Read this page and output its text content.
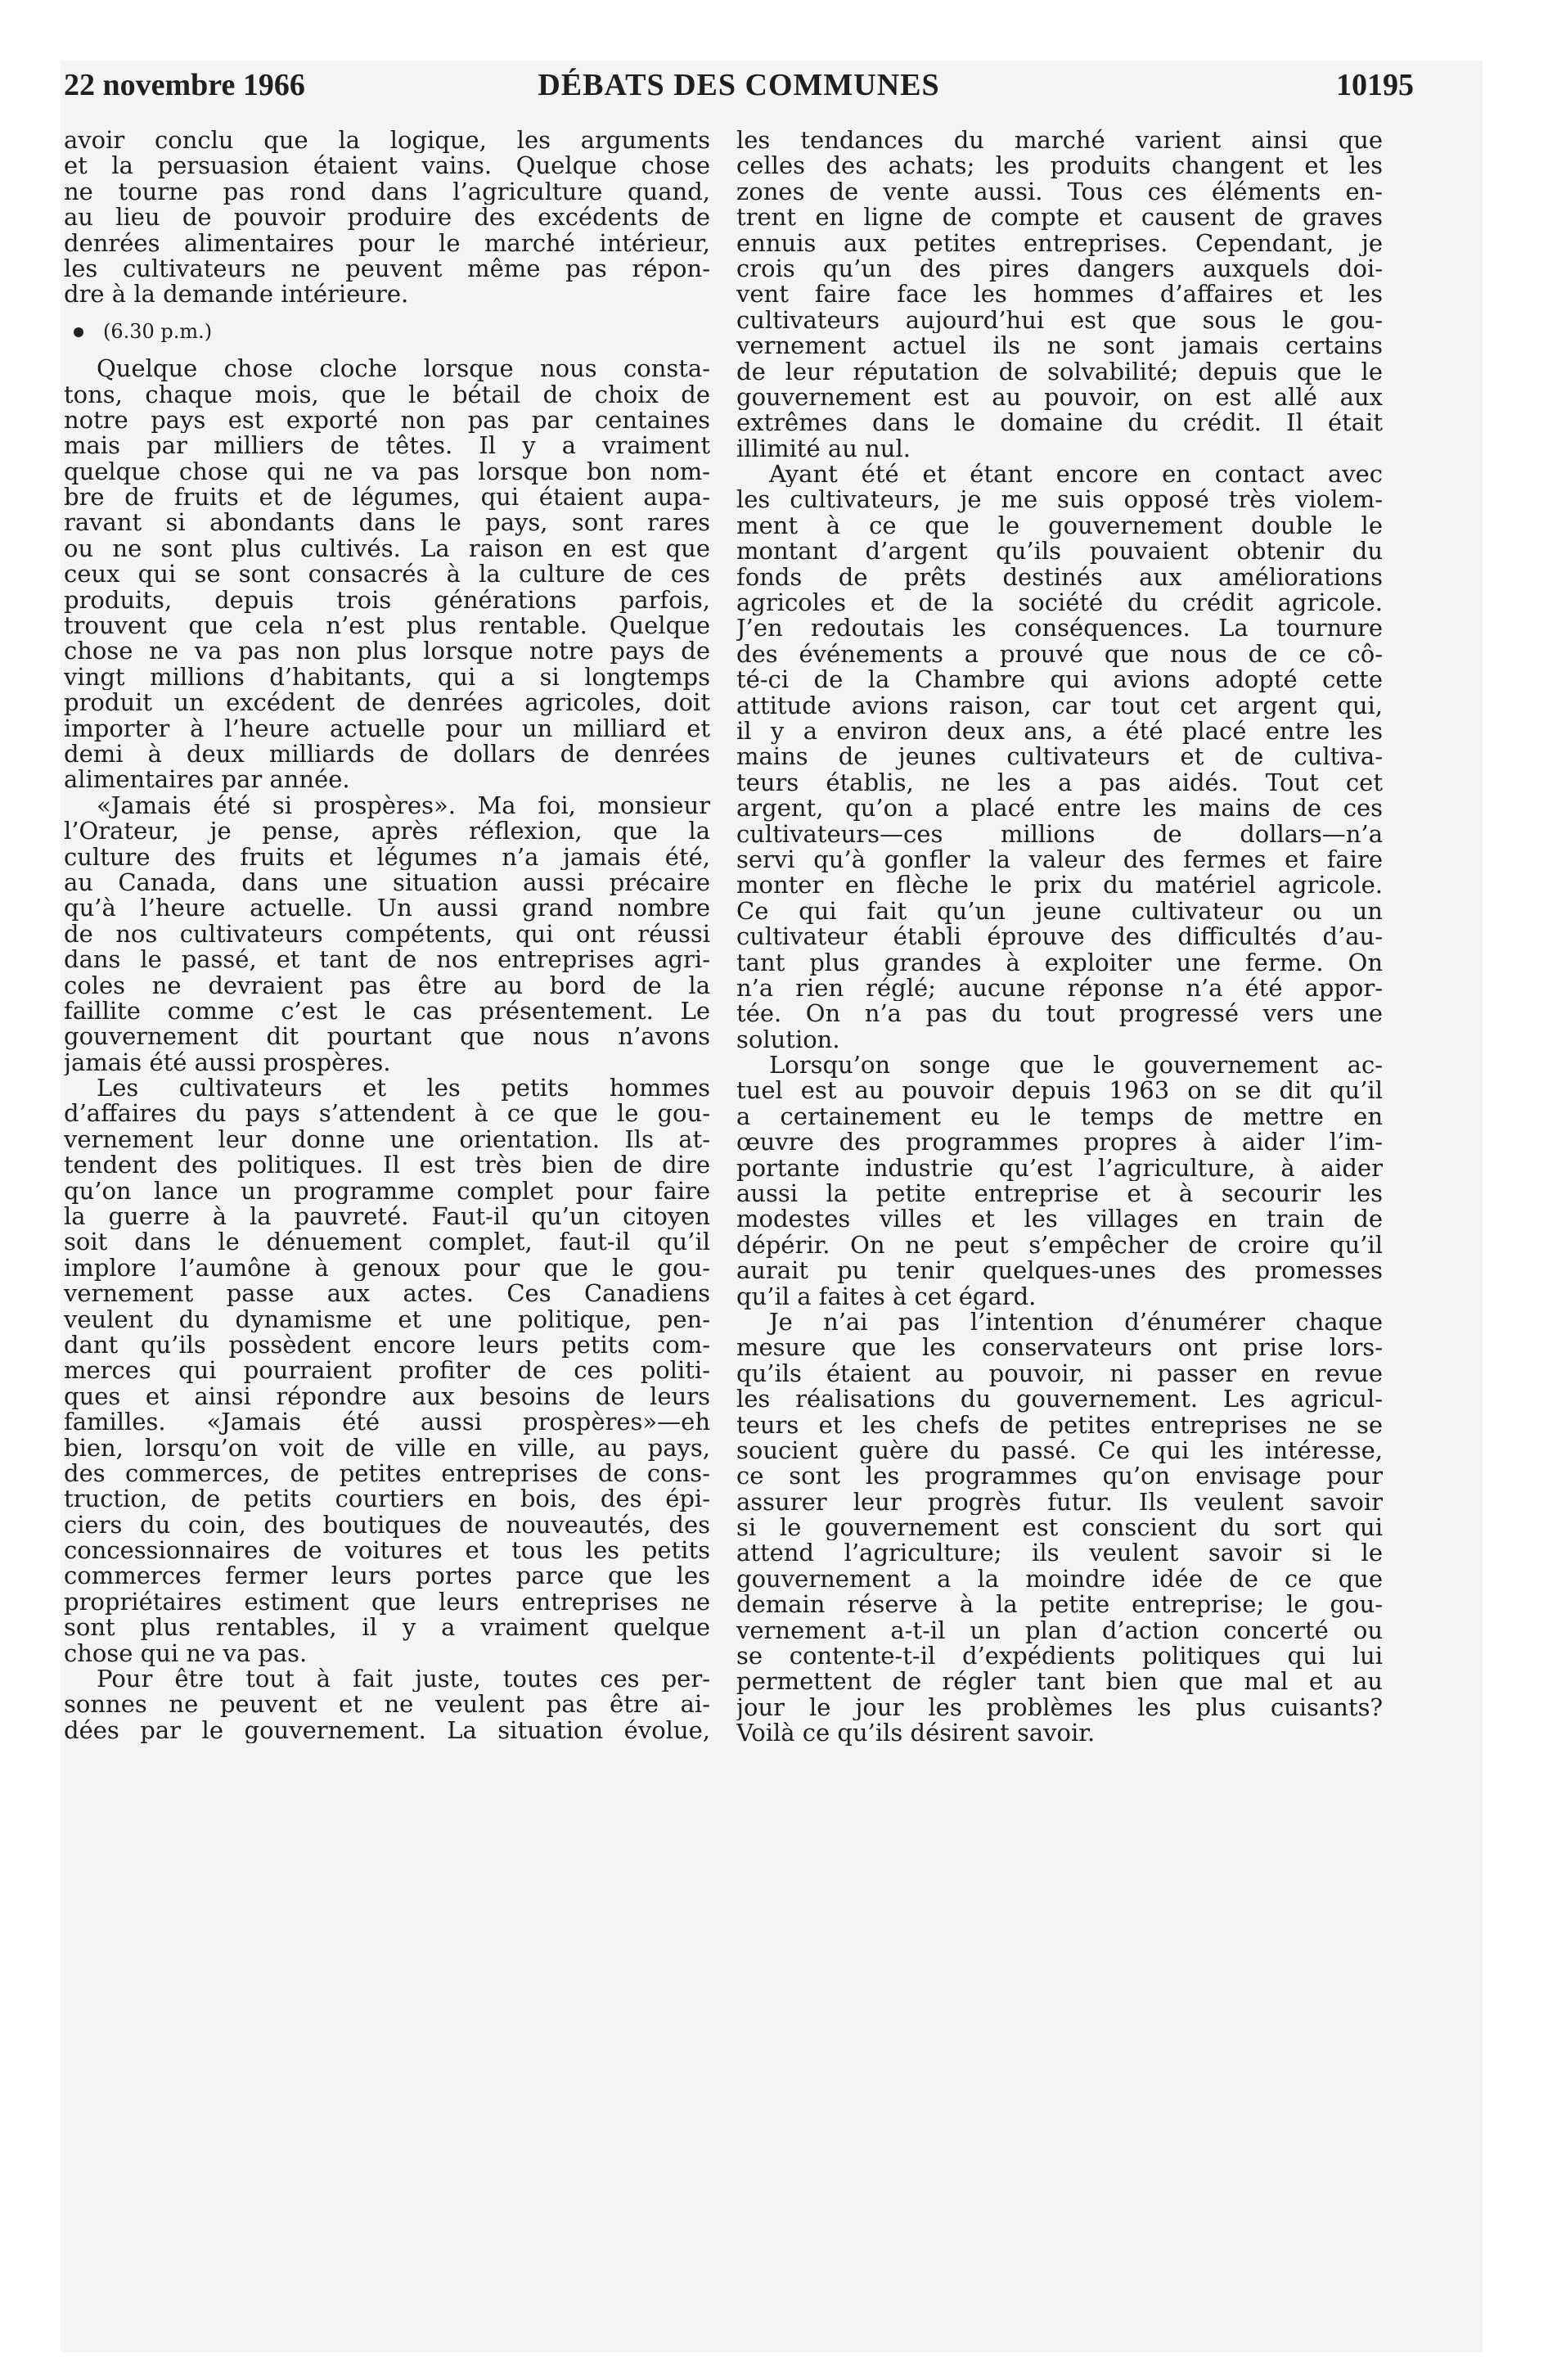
22 novembre 1966	DÉBATS DES COMMUNES	10195
avoir conclu que la logique, les arguments
et la persuasion étaient vains. Quelque chose
ne tourne pas rond dans l’agriculture quand,
au lieu de pouvoir produire des excédents de
denrées alimentaires pour le marché intérieur,
les cultivateurs ne peuvent même pas répon-
dre à la demande intérieure.
(6.30 p.m.)
Quelque chose cloche lorsque nous consta-
tons, chaque mois, que le bétail de choix de
notre pays est exporté non pas par centaines
mais par milliers de têtes. Il y a vraiment
quelque chose qui ne va pas lorsque bon nom-
bre de fruits et de légumes, qui étaient aupa-
ravant si abondants dans le pays, sont rares
ou ne sont plus cultivés. La raison en est que
ceux qui se sont consacrés à la culture de ces
produits, depuis trois générations parfois,
trouvent que cela n’est plus rentable. Quelque
chose ne va pas non plus lorsque notre pays de
vingt millions d’habitants, qui a si longtemps
produit un excédent de denrées agricoles, doit
importer à l’heure actuelle pour un milliard et
demi à deux milliards de dollars de denrées
alimentaires par année.
«Jamais été si prospères». Ma foi, monsieur
l’Orateur, je pense, après réflexion, que la
culture des fruits et légumes n’a jamais été,
au Canada, dans une situation aussi précaire
qu’à l’heure actuelle. Un aussi grand nombre
de nos cultivateurs compétents, qui ont réussi
dans le passé, et tant de nos entreprises agri-
coles ne devraient pas être au bord de la
faillite comme c’est le cas présentement. Le
gouvernement dit pourtant que nous n’avons
jamais été aussi prospères.
Les cultivateurs et les petits hommes
d’affaires du pays s’attendent à ce que le gou-
vernement leur donne une orientation. Ils at-
tendent des politiques. Il est très bien de dire
qu’on lance un programme complet pour faire
la guerre à la pauvreté. Faut-il qu’un citoyen
soit dans le dénuement complet, faut-il qu’il
implore l’aumône à genoux pour que le gou-
vernement passe aux actes. Ces Canadiens
veulent du dynamisme et une politique, pen-
dant qu’ils possèdent encore leurs petits com-
merces qui pourraient profiter de ces politi-
ques et ainsi répondre aux besoins de leurs
familles. «Jamais été aussi prospères»—eh
bien, lorsqu’on voit de ville en ville, au pays,
des commerces, de petites entreprises de cons-
truction, de petits courtiers en bois, des épi-
ciers du coin, des boutiques de nouveautés, des
concessionnaires de voitures et tous les petits
commerces fermer leurs portes parce que les
propriétaires estiment que leurs entreprises ne
sont plus rentables, il y a vraiment quelque
chose qui ne va pas.
Pour être tout à fait juste, toutes ces per-
sonnes ne peuvent et ne veulent pas être ai-
dées par le gouvernement. La situation évolue,
les tendances du marché varient ainsi que
celles des achats; les produits changent et les
zones de vente aussi. Tous ces éléments en-
trent en ligne de compte et causent de graves
ennuis aux petites entreprises. Cependant, je
crois qu’un des pires dangers auxquels doi-
vent faire face les hommes d’affaires et les
cultivateurs aujourd’hui est que sous le gou-
vernement actuel ils ne sont jamais certains
de leur réputation de solvabilité; depuis que le
gouvernement est au pouvoir, on est allé aux
extrêmes dans le domaine du crédit. Il était
illimité au nul.
Ayant été et étant encore en contact avec
les cultivateurs, je me suis opposé très violem-
ment à ce que le gouvernement double le
montant d’argent qu’ils pouvaient obtenir du
fonds de prêts destinés aux améliorations
agricoles et de la société du crédit agricole.
J’en redoutais les conséquences. La tournure
des événements a prouvé que nous de ce cô-
té-ci de la Chambre qui avions adopté cette
attitude avions raison, car tout cet argent qui,
il y a environ deux ans, a été placé entre les
mains de jeunes cultivateurs et de cultiva-
teurs établis, ne les a pas aidés. Tout cet
argent, qu’on a placé entre les mains de ces
cultivateurs—ces millions de dollars—n’a
servi qu’à gonfler la valeur des fermes et faire
monter en flèche le prix du matériel agricole.
Ce qui fait qu’un jeune cultivateur ou un
cultivateur établi éprouve des difficultés d’au-
tant plus grandes à exploiter une ferme. On
n’a rien réglé; aucune réponse n’a été appor-
tée. On n’a pas du tout progressé vers une
solution.
Lorsqu’on songe que le gouvernement ac-
tuel est au pouvoir depuis 1963 on se dit qu’il
a certainement eu le temps de mettre en
œuvre des programmes propres à aider l’im-
portante industrie qu’est l’agriculture, à aider
aussi la petite entreprise et à secourir les
modestes villes et les villages en train de
dépérir. On ne peut s’empêcher de croire qu’il
aurait pu tenir quelques-unes des promesses
qu’il a faites à cet égard.
Je n’ai pas l’intention d’énumérer chaque
mesure que les conservateurs ont prise lors-
qu’ils étaient au pouvoir, ni passer en revue
les réalisations du gouvernement. Les agricul-
teurs et les chefs de petites entreprises ne se
soucient guère du passé. Ce qui les intéresse,
ce sont les programmes qu’on envisage pour
assurer leur progrès futur. Ils veulent savoir
si le gouvernement est conscient du sort qui
attend l’agriculture; ils veulent savoir si le
gouvernement a la moindre idée de ce que
demain réserve à la petite entreprise; le gou-
vernement a-t-il un plan d’action concerté ou
se contente-t-il d’expédients politiques qui lui
permettent de régler tant bien que mal et au
jour le jour les problèmes les plus cuisants?
Voilà ce qu’ils désirent savoir.
